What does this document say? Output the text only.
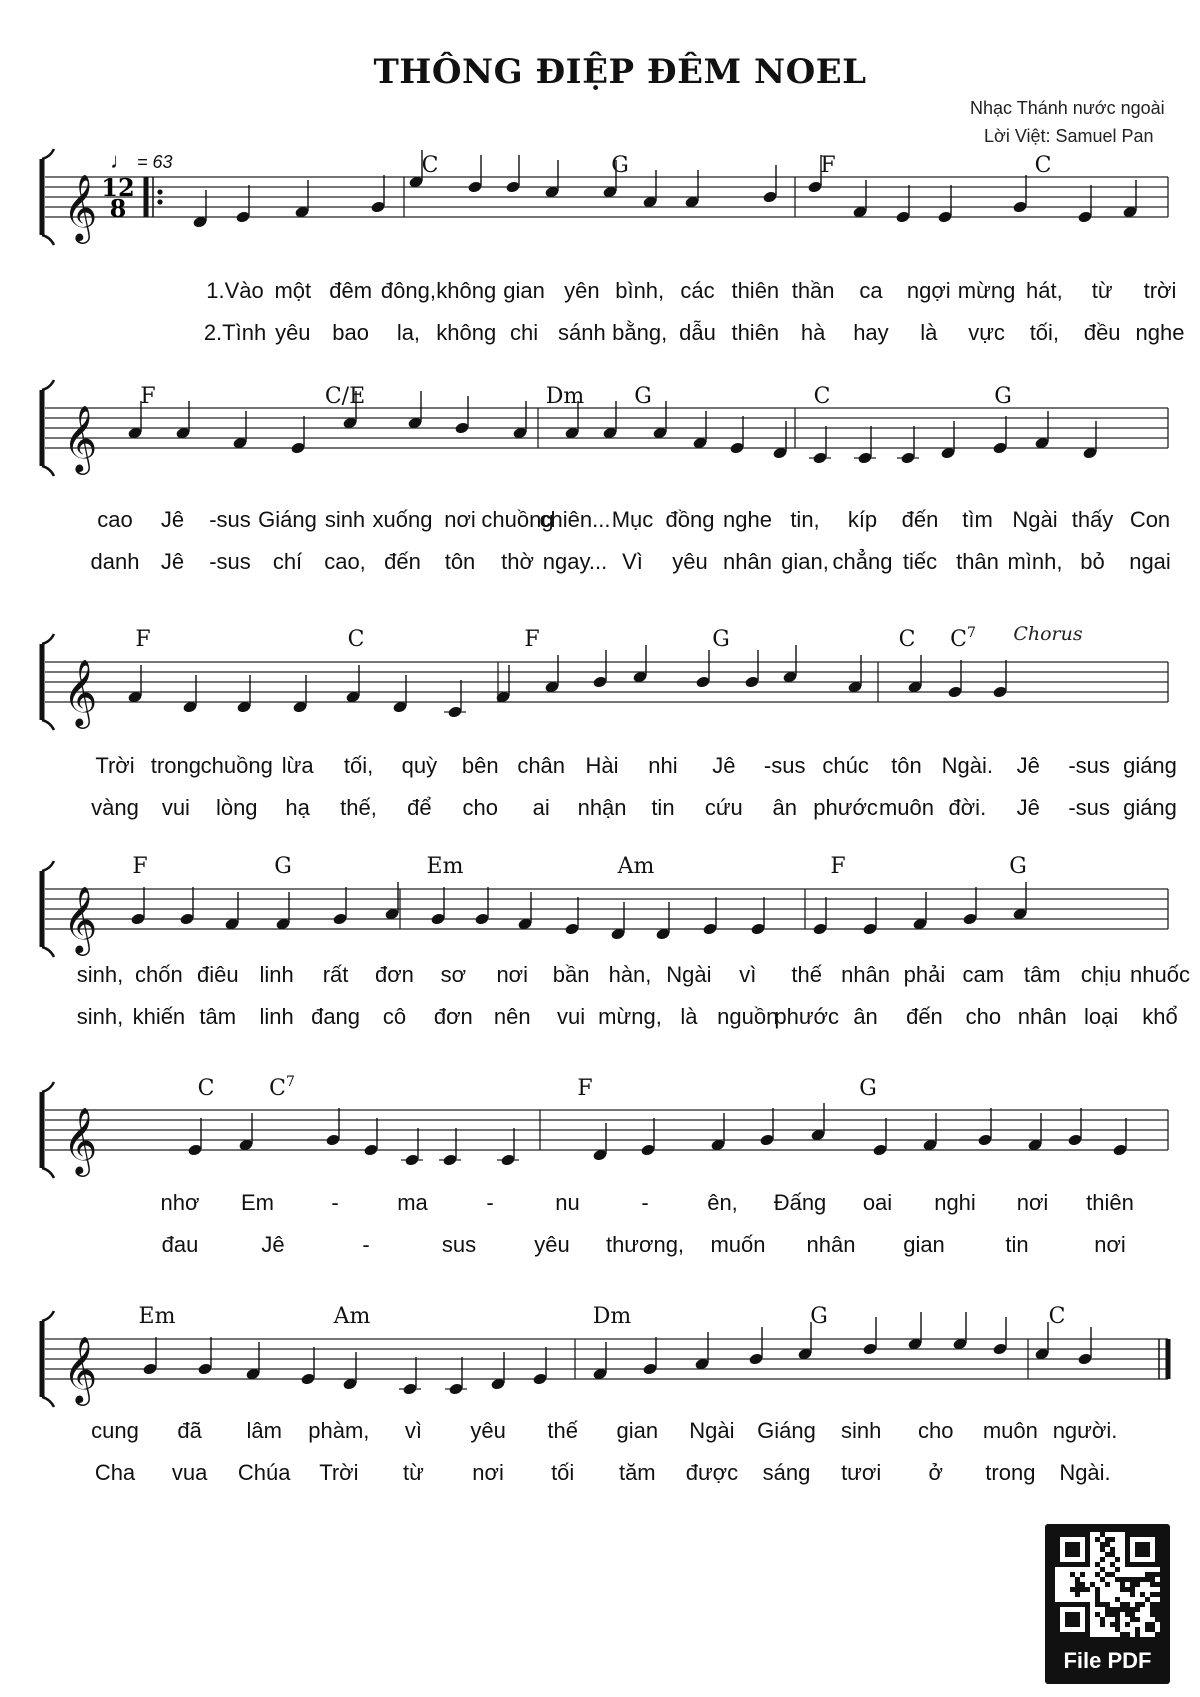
THÔNG ĐIỆP ĐÊM NOEL
Nhạc Thánh nước ngoài
Lời Việt: Samuel Pan
♩ = 63
𝄞 12
8
C	G	F	C
1.Vào một đêm đông, không gian yên bình, các thiên thần ca ngợi mừng hát, từ trời
2.Tình yêu bao la, không chi sánh bằng, dẫu thiên hà hay là vực tối, đều nghe
𝄞
F	C/E	Dm G	C	G
cao Jê -sus Giáng sinh xuống nơi chuồng
chiên... Mục đồng nghe tin, kíp đến tìm Ngài thấy Con
danh Jê -sus chí cao, đến tôn thờ ngay... Vì yêu nhân gian, chẳng tiếc thân mình, bỏ ngai
𝄞
F	C	F	G	C $C^7$ Chorus
Trời trong chuồng lừa tối, quỳ bên chân Hài nhi Jê -sus chúc tôn Ngài. Jê -sus giáng
vàng vui lòng hạ thế, để cho ai nhận tin cứu ân phước muôn đời. Jê -sus giáng
𝄞
F	G	Em	Am	F	G
sinh, chốn điêu linh rất đơn sơ nơi bần hàn, Ngài vì thế nhân phải cam tâm chịu nhuốc
sinh, khiến tâm linh đang cô đơn nên vui mừng, là nguồn
phước ân đến cho nhân loại khổ
𝄞
C $C^7$	F	G
nhơ Em	-	ma	-	nu	-	ên, Đấng oai nghi nơi thiên
đau	Jê	-	sus	yêu thương, muốn nhân gian	tin	nơi
𝄞
Em	Am	Dm	G	C
cung đã lâm phàm, vì yêu thế gian Ngài Giáng sinh cho muôn người.
Cha vua Chúa Trời từ nơi tối tăm được sáng tươi ở trong Ngài.
File PDF
